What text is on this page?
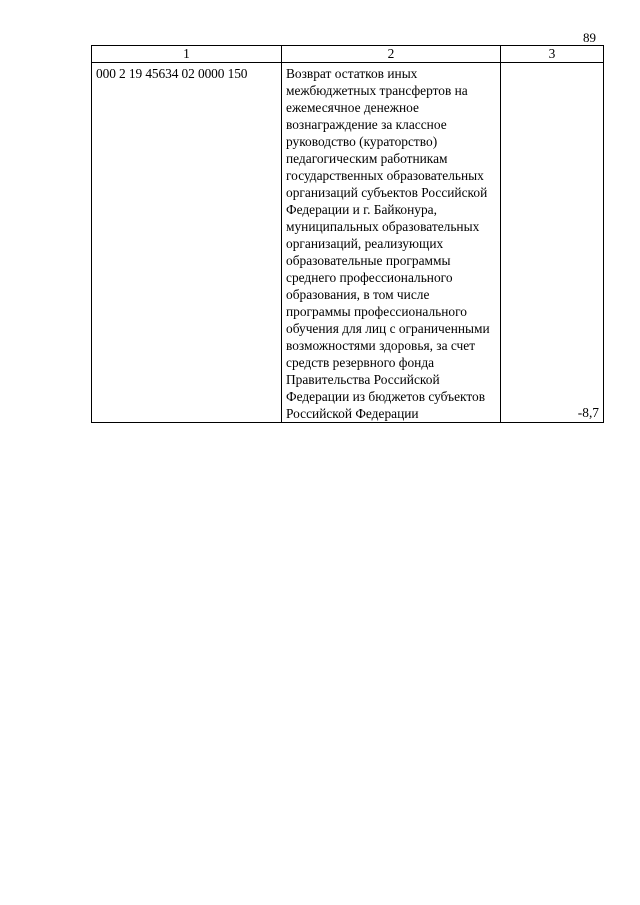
89
1	2	3
000 2 19 45634 02 0000 150	Возврат остатков иных межбюджетных трансфертов на ежемесячное денежное вознаграждение за классное руководство (кураторство) педагогическим работникам государственных образовательных организаций субъектов Российской Федерации и г. Байконура, муниципальных образовательных организаций, реализующих образовательные программы среднего профессионального образования, в том числе программы профессионального обучения для лиц с ограниченными возможностями здоровья, за счет средств резервного фонда Правительства Российской Федерации из бюджетов субъектов Российской Федерации	-8,7
